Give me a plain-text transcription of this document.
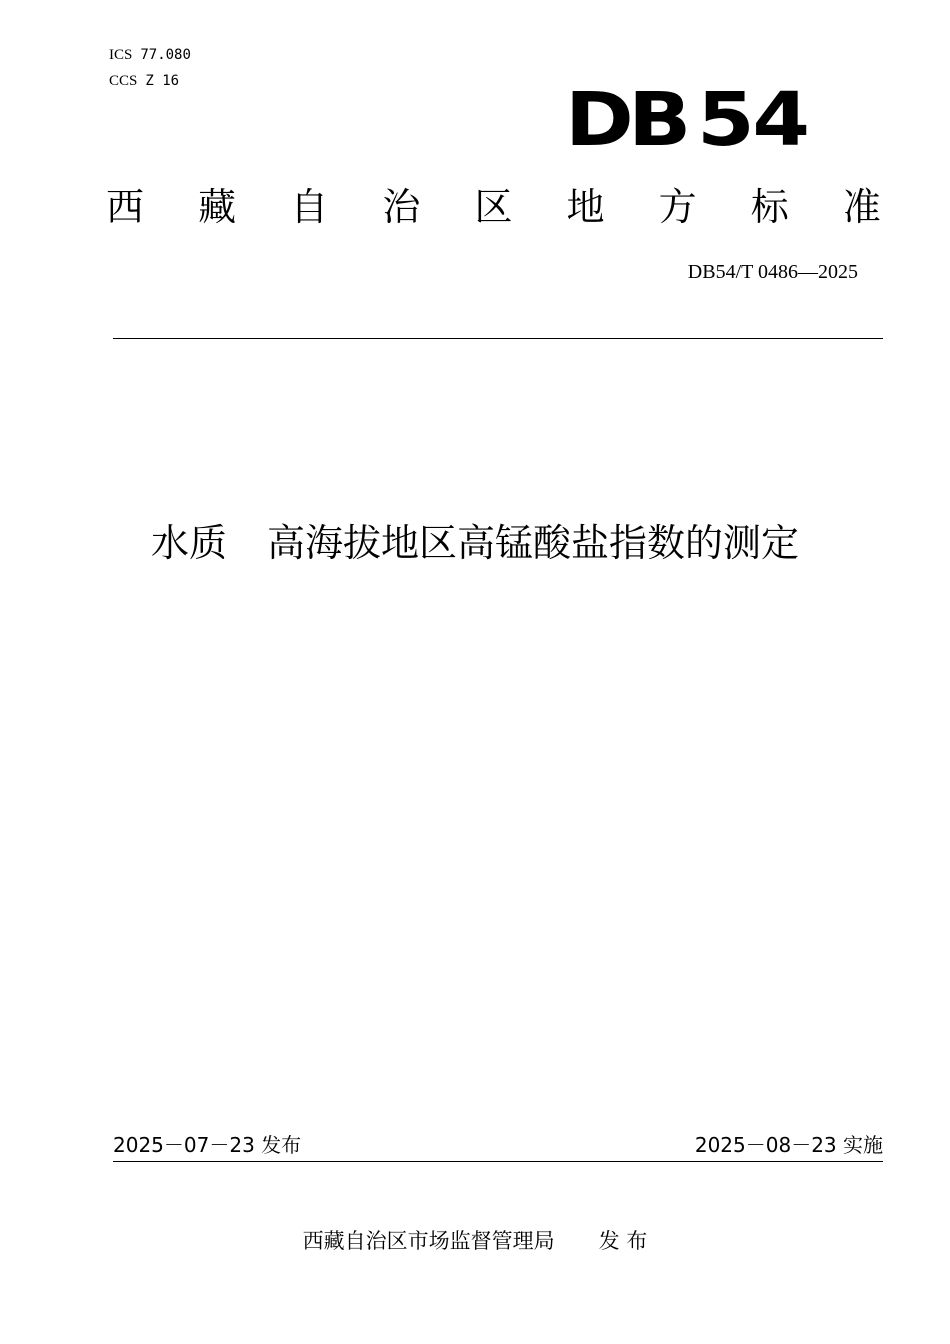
ICS 77.080
CCS Z 16	DB 54
西 藏 自 治 区 地 方 标 准
DB54/T 0486—2025
水质 高海拔地区高锰酸盐指数的测定
2025－07－23 发布	2025－08－23 实施
西藏自治区市场监督管理局 发 布
